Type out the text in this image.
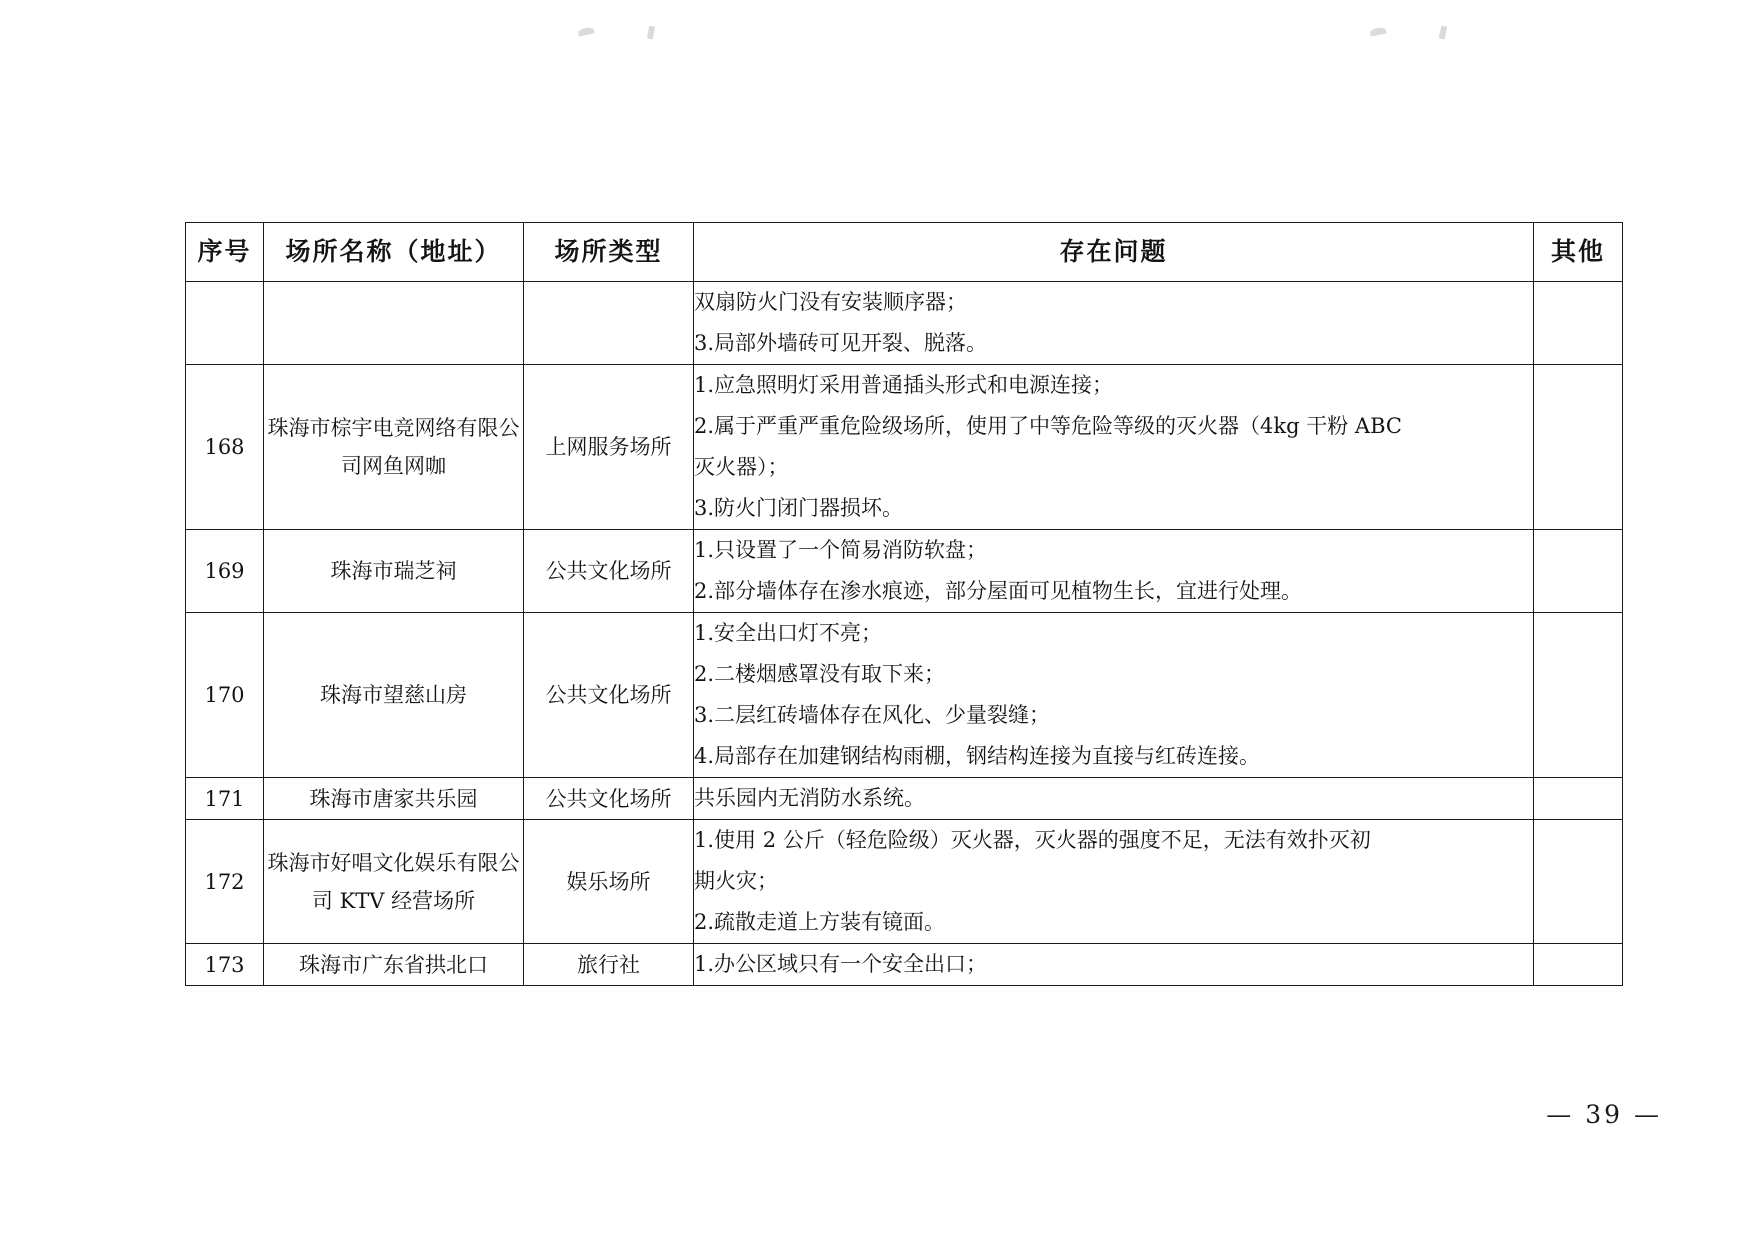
序号	场所名称（地址）	场所类型	存在问题	其他

			双扇防火门没有安装顺序器；
3.局部外墙砖可见开裂、脱落。	

168	珠海市棕宇电竞网络有限公司网鱼网咖	上网服务场所	1.应急照明灯采用普通插头形式和电源连接；
2.属于严重严重危险级场所，使用了中等危险等级的灭火器（4kg 干粉 ABC
灭火器）；
3.防火门闭门器损坏。	

169	珠海市瑞芝祠	公共文化场所	1.只设置了一个简易消防软盘；
2.部分墙体存在渗水痕迹，部分屋面可见植物生长，宜进行处理。	

170	珠海市望慈山房	公共文化场所	1.安全出口灯不亮；
2.二楼烟感罩没有取下来；
3.二层红砖墙体存在风化、少量裂缝；
4.局部存在加建钢结构雨棚，钢结构连接为直接与红砖连接。	

171	珠海市唐家共乐园	公共文化场所	共乐园内无消防水系统。	

172	珠海市好唱文化娱乐有限公司 KTV 经营场所	娱乐场所	1.使用 2 公斤（轻危险级）灭火器，灭火器的强度不足，无法有效扑灭初
期火灾；
2.疏散走道上方装有镜面。	

173	珠海市广东省拱北口	旅行社	1.办公区域只有一个安全出口；	

— 39 —
